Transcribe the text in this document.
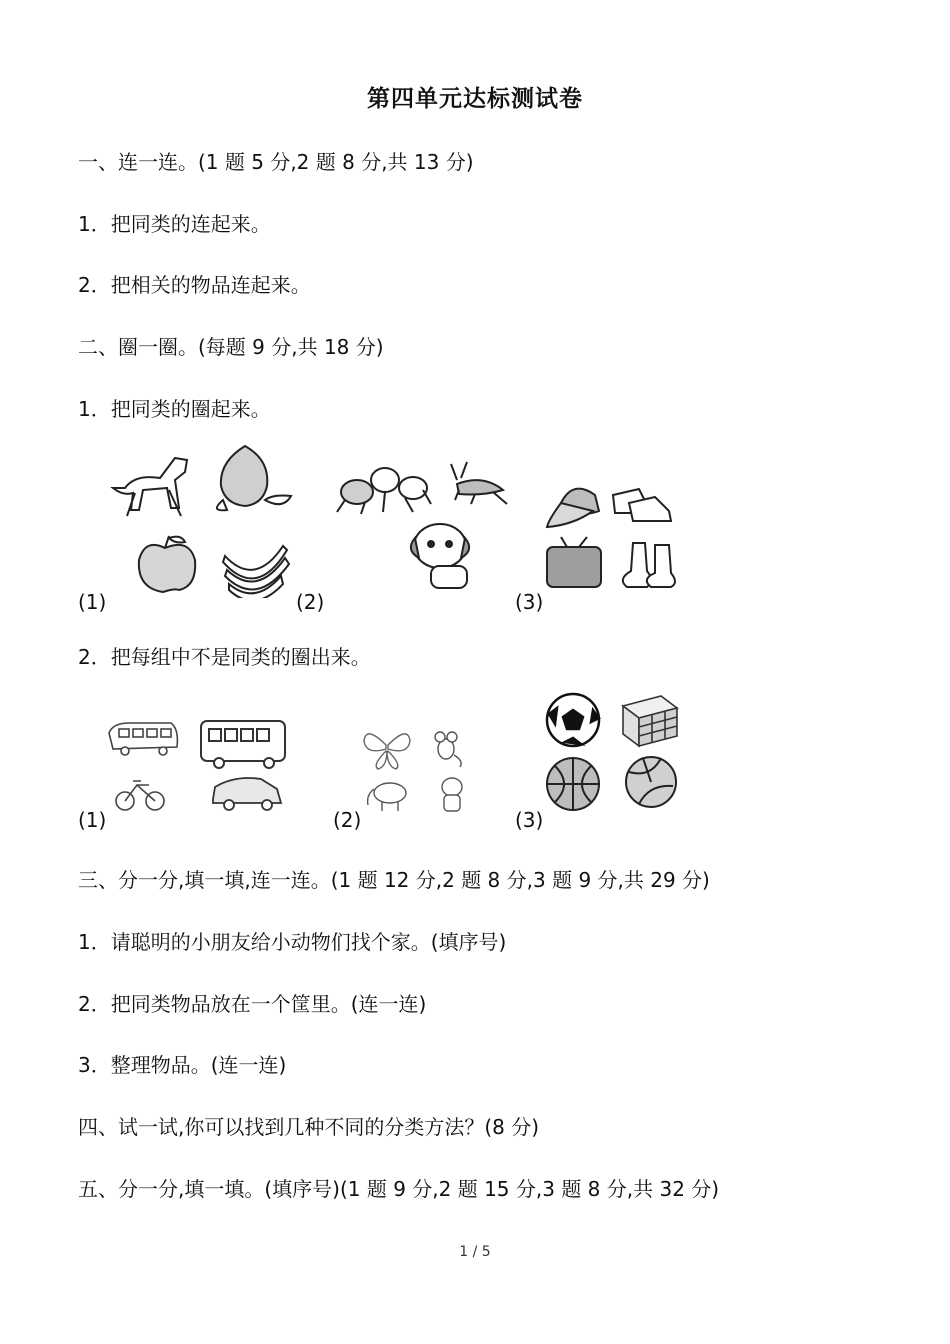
第四单元达标测试卷
一、连一连。(1 题 5 分,2 题 8 分,共 13 分)
1．把同类的连起来。
2．把相关的物品连起来。
二、圈一圈。(每题 9 分,共 18 分)
1．把同类的圈起来。
(1)	(2)	(3)
2．把每组中不是同类的圈出来。
(1)	(2)	(3)
三、分一分,填一填,连一连。(1 题 12 分,2 题 8 分,3 题 9 分,共 29 分)
1．请聪明的小朋友给小动物们找个家。(填序号)
2．把同类物品放在一个筐里。(连一连)
3．整理物品。(连一连)
四、试一试,你可以找到几种不同的分类方法？(8 分)
五、分一分,填一填。(填序号)(1 题 9 分,2 题 15 分,3 题 8 分,共 32 分)
1 / 5
